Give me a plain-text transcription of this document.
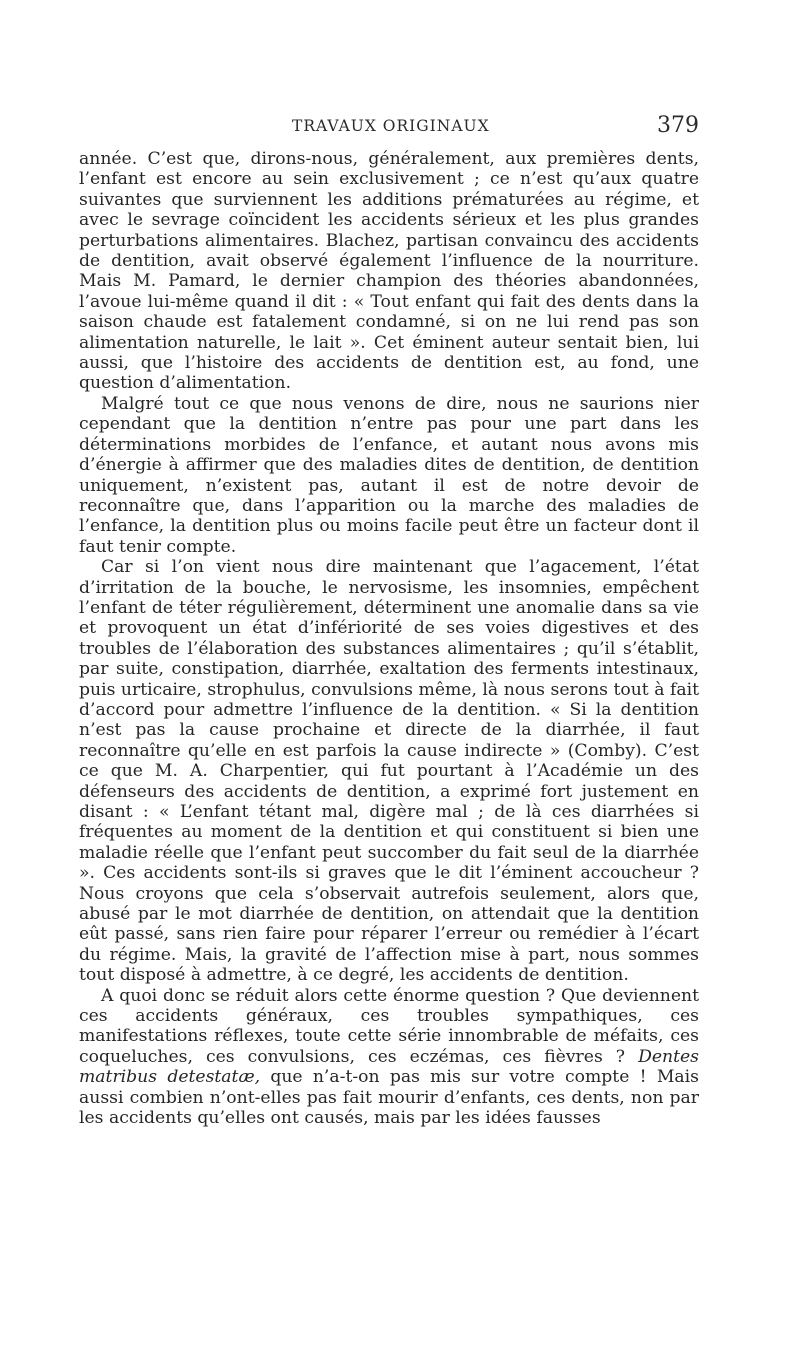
TRAVAUX ORIGINAUX	379

année. C’est que, dirons-nous, généralement, aux premières dents, l’enfant est encore au sein exclusivement ; ce n’est qu’aux quatre suivantes que surviennent les additions prématurées au régime, et avec le sevrage coïncident les accidents sérieux et les plus grandes perturbations alimentaires. Blachez, partisan convaincu des accidents de dentition, avait observé également l’influence de la nourriture. Mais M. Pamard, le dernier champion des théories abandonnées, l’avoue lui-même quand il dit : « Tout enfant qui fait des dents dans la saison chaude est fatalement condamné, si on ne lui rend pas son alimentation naturelle, le lait ». Cet éminent auteur sentait bien, lui aussi, que l’histoire des accidents de dentition est, au fond, une question d’alimentation.

Malgré tout ce que nous venons de dire, nous ne saurions nier cependant que la dentition n’entre pas pour une part dans les déterminations morbides de l’enfance, et autant nous avons mis d’énergie à affirmer que des maladies dites de dentition, de dentition uniquement, n’existent pas, autant il est de notre devoir de reconnaître que, dans l’apparition ou la marche des maladies de l’enfance, la dentition plus ou moins facile peut être un facteur dont il faut tenir compte.

Car si l’on vient nous dire maintenant que l’agacement, l’état d’irritation de la bouche, le nervosisme, les insomnies, empêchent l’enfant de téter régulièrement, déterminent une anomalie dans sa vie et provoquent un état d’infériorité de ses voies digestives et des troubles de l’élaboration des substances alimentaires ; qu’il s’établit, par suite, constipation, diarrhée, exaltation des ferments intestinaux, puis urticaire, strophulus, convulsions même, là nous serons tout à fait d’accord pour admettre l’influence de la dentition. « Si la dentition n’est pas la cause prochaine et directe de la diarrhée, il faut reconnaître qu’elle en est parfois la cause indirecte » (Comby). C’est ce que M. A. Charpentier, qui fut pourtant à l’Académie un des défenseurs des accidents de dentition, a exprimé fort justement en disant : « L’enfant tétant mal, digère mal ; de là ces diarrhées si fréquentes au moment de la dentition et qui constituent si bien une maladie réelle que l’enfant peut succomber du fait seul de la diarrhée ». Ces accidents sont-ils si graves que le dit l’éminent accoucheur ? Nous croyons que cela s’observait autrefois seulement, alors que, abusé par le mot diarrhée de dentition, on attendait que la dentition eût passé, sans rien faire pour réparer l’erreur ou remédier à l’écart du régime. Mais, la gravité de l’affection mise à part, nous sommes tout disposé à admettre, à ce degré, les accidents de dentition.

A quoi donc se réduit alors cette énorme question ? Que deviennent ces accidents généraux, ces troubles sympathiques, ces manifestations réflexes, toute cette série innombrable de méfaits, ces coqueluches, ces convulsions, ces eczémas, ces fièvres ? Dentes matribus detestatæ, que n’a-t-on pas mis sur votre compte ! Mais aussi combien n’ont-elles pas fait mourir d’enfants, ces dents, non par les accidents qu’elles ont causés, mais par les idées fausses
